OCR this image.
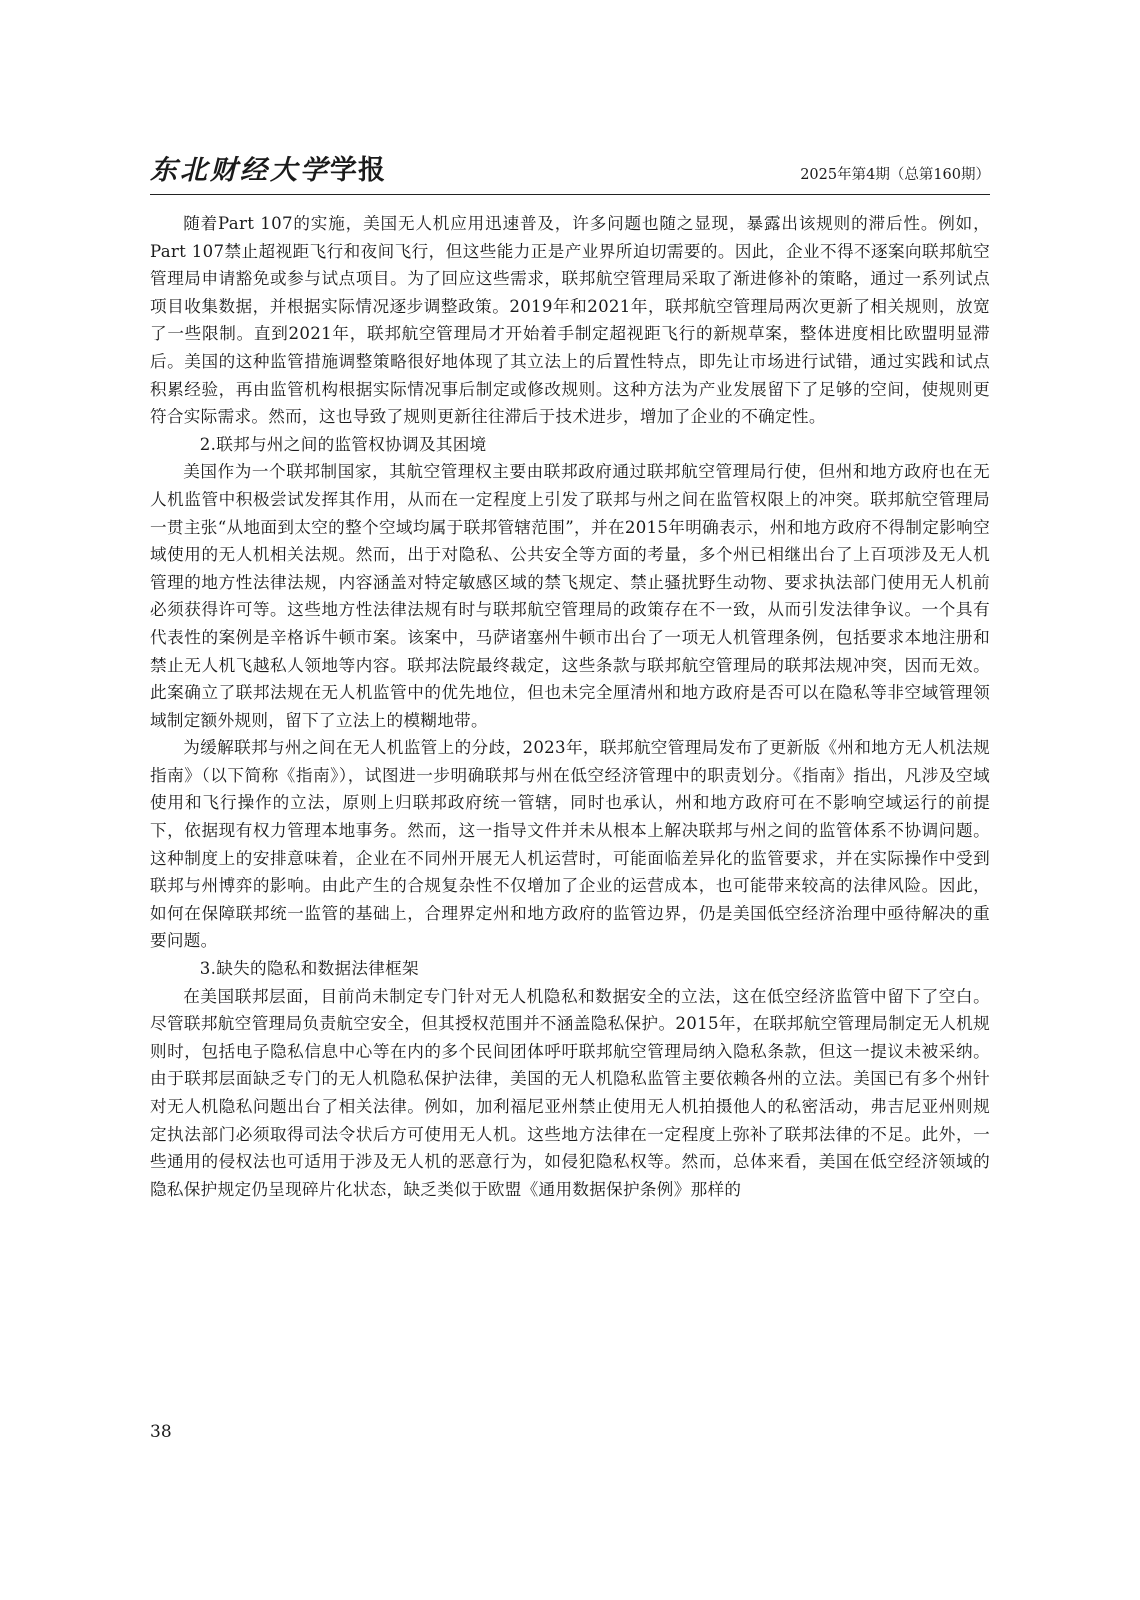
东北财经大学学报	2025年第4期（总第160期）

随着Part 107的实施，美国无人机应用迅速普及，许多问题也随之显现，暴露出该规则的滞后性。例如，Part 107禁止超视距飞行和夜间飞行，但这些能力正是产业界所迫切需要的。因此，企业不得不逐案向联邦航空管理局申请豁免或参与试点项目。为了回应这些需求，联邦航空管理局采取了渐进修补的策略，通过一系列试点项目收集数据，并根据实际情况逐步调整政策。2019年和2021年，联邦航空管理局两次更新了相关规则，放宽了一些限制。直到2021年，联邦航空管理局才开始着手制定超视距飞行的新规草案，整体进度相比欧盟明显滞后。美国的这种监管措施调整策略很好地体现了其立法上的后置性特点，即先让市场进行试错，通过实践和试点积累经验，再由监管机构根据实际情况事后制定或修改规则。这种方法为产业发展留下了足够的空间，使规则更符合实际需求。然而，这也导致了规则更新往往滞后于技术进步，增加了企业的不确定性。

2.联邦与州之间的监管权协调及其困境

美国作为一个联邦制国家，其航空管理权主要由联邦政府通过联邦航空管理局行使，但州和地方政府也在无人机监管中积极尝试发挥其作用，从而在一定程度上引发了联邦与州之间在监管权限上的冲突。联邦航空管理局一贯主张“从地面到太空的整个空域均属于联邦管辖范围”，并在2015年明确表示，州和地方政府不得制定影响空域使用的无人机相关法规。然而，出于对隐私、公共安全等方面的考量，多个州已相继出台了上百项涉及无人机管理的地方性法律法规，内容涵盖对特定敏感区域的禁飞规定、禁止骚扰野生动物、要求执法部门使用无人机前必须获得许可等。这些地方性法律法规有时与联邦航空管理局的政策存在不一致，从而引发法律争议。一个具有代表性的案例是辛格诉牛顿市案。该案中，马萨诸塞州牛顿市出台了一项无人机管理条例，包括要求本地注册和禁止无人机飞越私人领地等内容。联邦法院最终裁定，这些条款与联邦航空管理局的联邦法规冲突，因而无效。此案确立了联邦法规在无人机监管中的优先地位，但也未完全厘清州和地方政府是否可以在隐私等非空域管理领域制定额外规则，留下了立法上的模糊地带。

为缓解联邦与州之间在无人机监管上的分歧，2023年，联邦航空管理局发布了更新版《州和地方无人机法规指南》（以下简称《指南》），试图进一步明确联邦与州在低空经济管理中的职责划分。《指南》指出，凡涉及空域使用和飞行操作的立法，原则上归联邦政府统一管辖，同时也承认，州和地方政府可在不影响空域运行的前提下，依据现有权力管理本地事务。然而，这一指导文件并未从根本上解决联邦与州之间的监管体系不协调问题。这种制度上的安排意味着，企业在不同州开展无人机运营时，可能面临差异化的监管要求，并在实际操作中受到联邦与州博弈的影响。由此产生的合规复杂性不仅增加了企业的运营成本，也可能带来较高的法律风险。因此，如何在保障联邦统一监管的基础上，合理界定州和地方政府的监管边界，仍是美国低空经济治理中亟待解决的重要问题。

3.缺失的隐私和数据法律框架

在美国联邦层面，目前尚未制定专门针对无人机隐私和数据安全的立法，这在低空经济监管中留下了空白。尽管联邦航空管理局负责航空安全，但其授权范围并不涵盖隐私保护。2015年，在联邦航空管理局制定无人机规则时，包括电子隐私信息中心等在内的多个民间团体呼吁联邦航空管理局纳入隐私条款，但这一提议未被采纳。由于联邦层面缺乏专门的无人机隐私保护法律，美国的无人机隐私监管主要依赖各州的立法。美国已有多个州针对无人机隐私问题出台了相关法律。例如，加利福尼亚州禁止使用无人机拍摄他人的私密活动，弗吉尼亚州则规定执法部门必须取得司法令状后方可使用无人机。这些地方法律在一定程度上弥补了联邦法律的不足。此外，一些通用的侵权法也可适用于涉及无人机的恶意行为，如侵犯隐私权等。然而，总体来看，美国在低空经济领域的隐私保护规定仍呈现碎片化状态，缺乏类似于欧盟《通用数据保护条例》那样的

38
